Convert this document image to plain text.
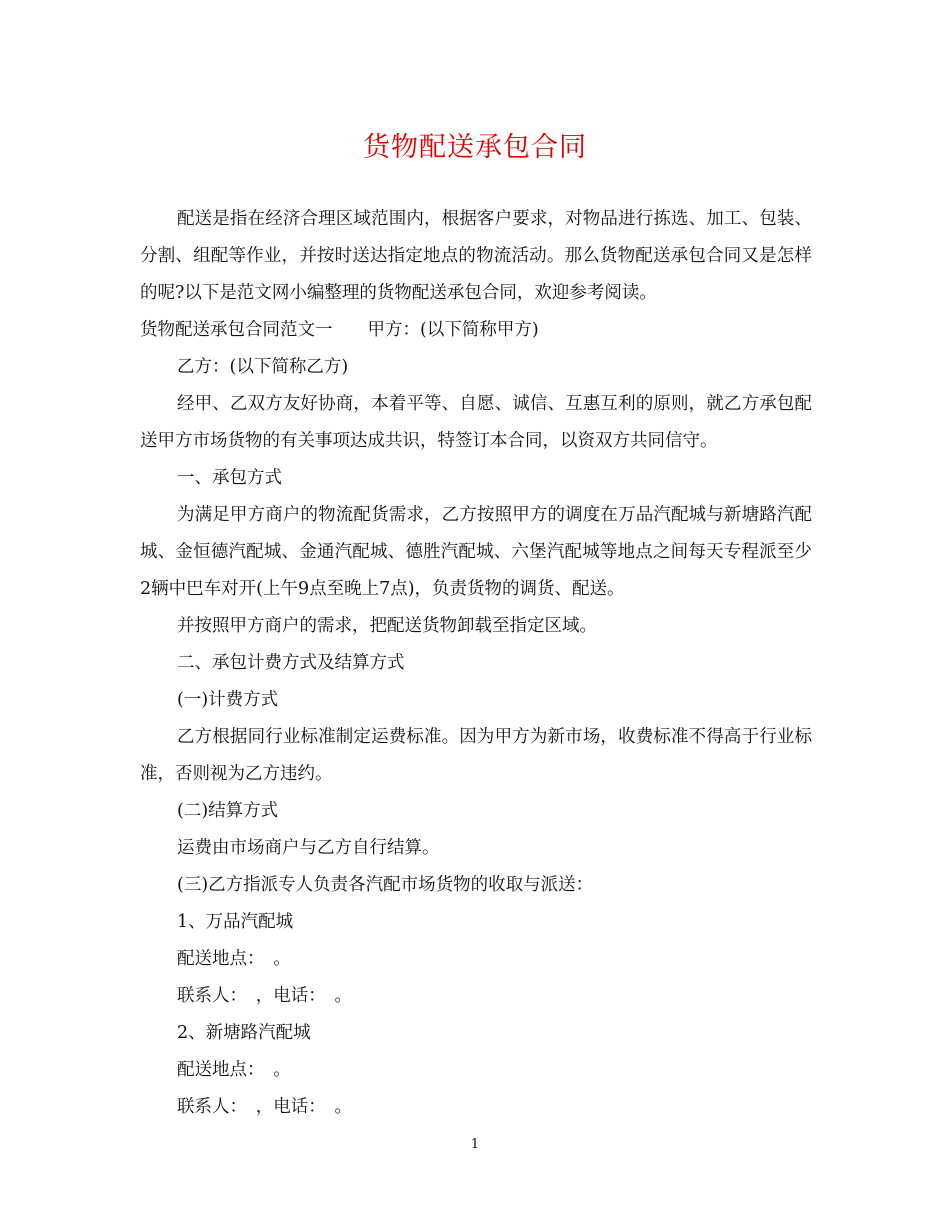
货物配送承包合同

配送是指在经济合理区域范围内，根据客户要求，对物品进行拣选、加工、包装、分割、组配等作业，并按时送达指定地点的物流活动。那么货物配送承包合同又是怎样的呢?以下是范文网小编整理的货物配送承包合同，欢迎参考阅读。

货物配送承包合同范文一　　甲方：(以下简称甲方)

乙方：(以下简称乙方)

经甲、乙双方友好协商，本着平等、自愿、诚信、互惠互利的原则，就乙方承包配送甲方市场货物的有关事项达成共识，特签订本合同，以资双方共同信守。

一、承包方式

为满足甲方商户的物流配货需求，乙方按照甲方的调度在万品汽配城与新塘路汽配城、金恒德汽配城、金通汽配城、德胜汽配城、六堡汽配城等地点之间每天专程派至少2辆中巴车对开(上午9点至晚上7点)，负责货物的调货、配送。

并按照甲方商户的需求，把配送货物卸载至指定区域。

二、承包计费方式及结算方式

(一)计费方式

乙方根据同行业标准制定运费标准。因为甲方为新市场，收费标准不得高于行业标准，否则视为乙方违约。

(二)结算方式

运费由市场商户与乙方自行结算。

(三)乙方指派专人负责各汽配市场货物的收取与派送：

1、万品汽配城

配送地点：　。

联系人：　，电话：　。

2、新塘路汽配城

配送地点：　。

联系人：　，电话：　。

1
